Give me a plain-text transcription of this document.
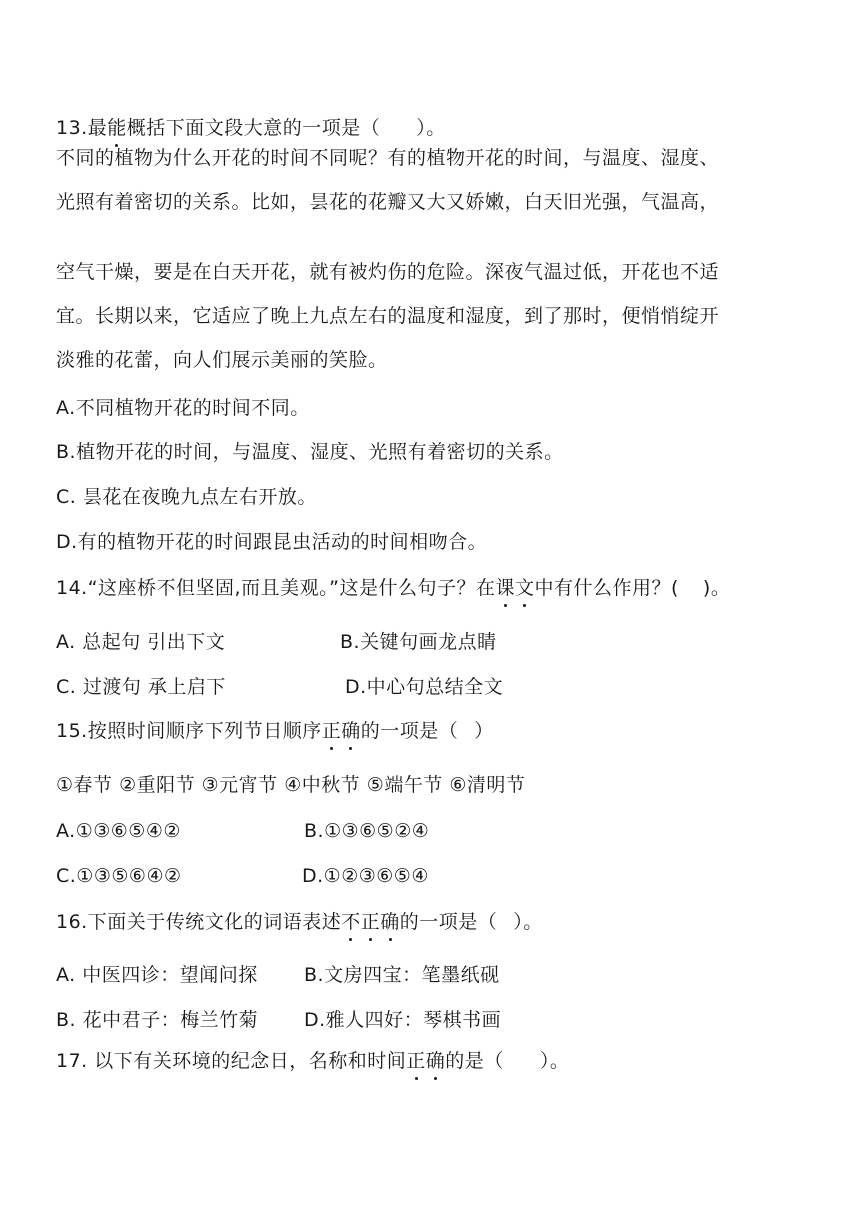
13.最能概括下面文段大意的一项是（ ）。
不同的植物为什么开花的时间不同呢？有的植物开花的时间，与温度、湿度、
光照有着密切的关系。比如，昙花的花瓣又大又娇嫩，白天旧光强，气温高，
空气干燥，要是在白天开花，就有被灼伤的危险。深夜气温过低，开花也不适
宜。长期以来，它适应了晚上九点左右的温度和湿度，到了那时，便悄悄绽开
淡雅的花蕾，向人们展示美丽的笑脸。
A.不同植物开花的时间不同。
B.植物开花的时间，与温度、湿度、光照有着密切的关系。
C. 昙花在夜晚九点左右开放。
D.有的植物开花的时间跟昆虫活动的时间相吻合。
14.“这座桥不但坚固,而且美观。”这是什么句子？在课文中有什么作用？( )。
A. 总起句 引出下文	B.关键句画龙点睛
C. 过渡句 承上启下	D.中心句总结全文
15.按照时间顺序下列节日顺序正确的一项是（ ）
①春节 ②重阳节 ③元宵节 ④中秋节 ⑤端午节 ⑥清明节
A.①③⑥⑤④②	B.①③⑥⑤②④
C.①③⑤⑥④②	D.①②③⑥⑤④
16.下面关于传统文化的词语表述不正确的一项是（ ）。
A. 中医四诊：望闻问探 B.文房四宝：笔墨纸砚
B. 花中君子：梅兰竹菊 D.雅人四好：琴棋书画
17. 以下有关环境的纪念日，名称和时间正确的是（ ）。
